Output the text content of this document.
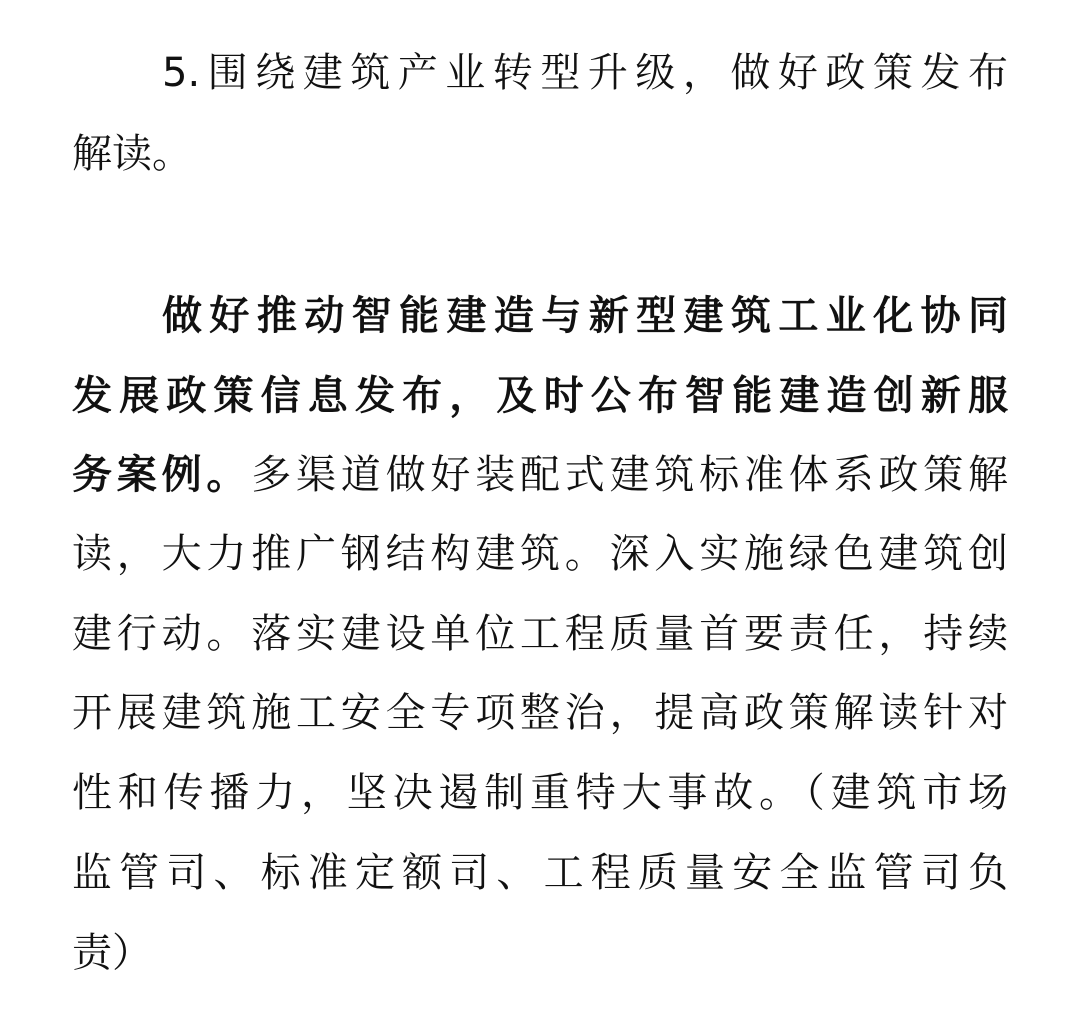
5.围绕建筑产业转型升级，做好政策发布
解读。
做好推动智能建造与新型建筑工业化协同
发展政策信息发布，及时公布智能建造创新服
务案例。多渠道做好装配式建筑标准体系政策解
读，大力推广钢结构建筑。深入实施绿色建筑创
建行动。落实建设单位工程质量首要责任，持续
开展建筑施工安全专项整治，提高政策解读针对
性和传播力，坚决遏制重特大事故。（建筑市场
监管司、标准定额司、工程质量安全监管司负
责）
